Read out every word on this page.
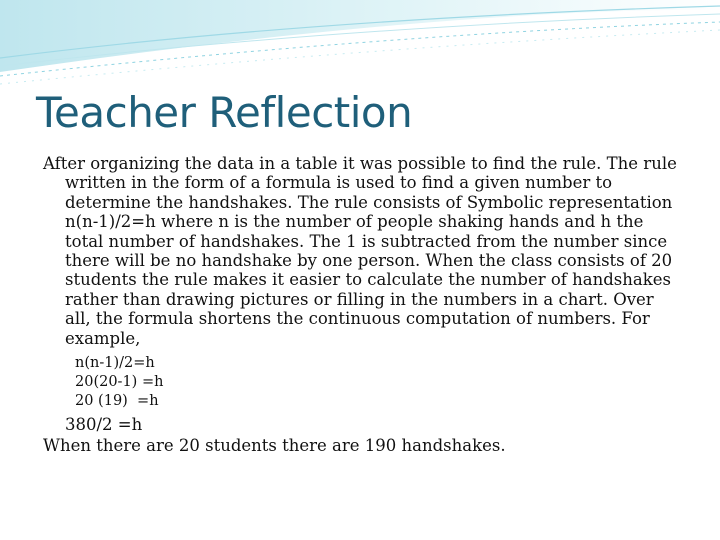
Teacher Reflection

After organizing the data in a table it was possible to find the rule. The rule written in the form of a formula is used to find a given number to determine the handshakes. The rule consists of Symbolic representation n(n-1)/2=h where n is the number of people shaking hands and h the total number of handshakes. The 1 is subtracted from the number since there will be no handshake by one person. When the class consists of 20 students the rule makes it easier to calculate the number of handshakes rather than drawing pictures or filling in the numbers in a chart. Over all, the formula shortens the continuous computation of numbers. For example,

n(n-1)/2=h
20(20-1) =h
20 (19)  =h

380/2 =h

When there are 20 students there are 190 handshakes.
